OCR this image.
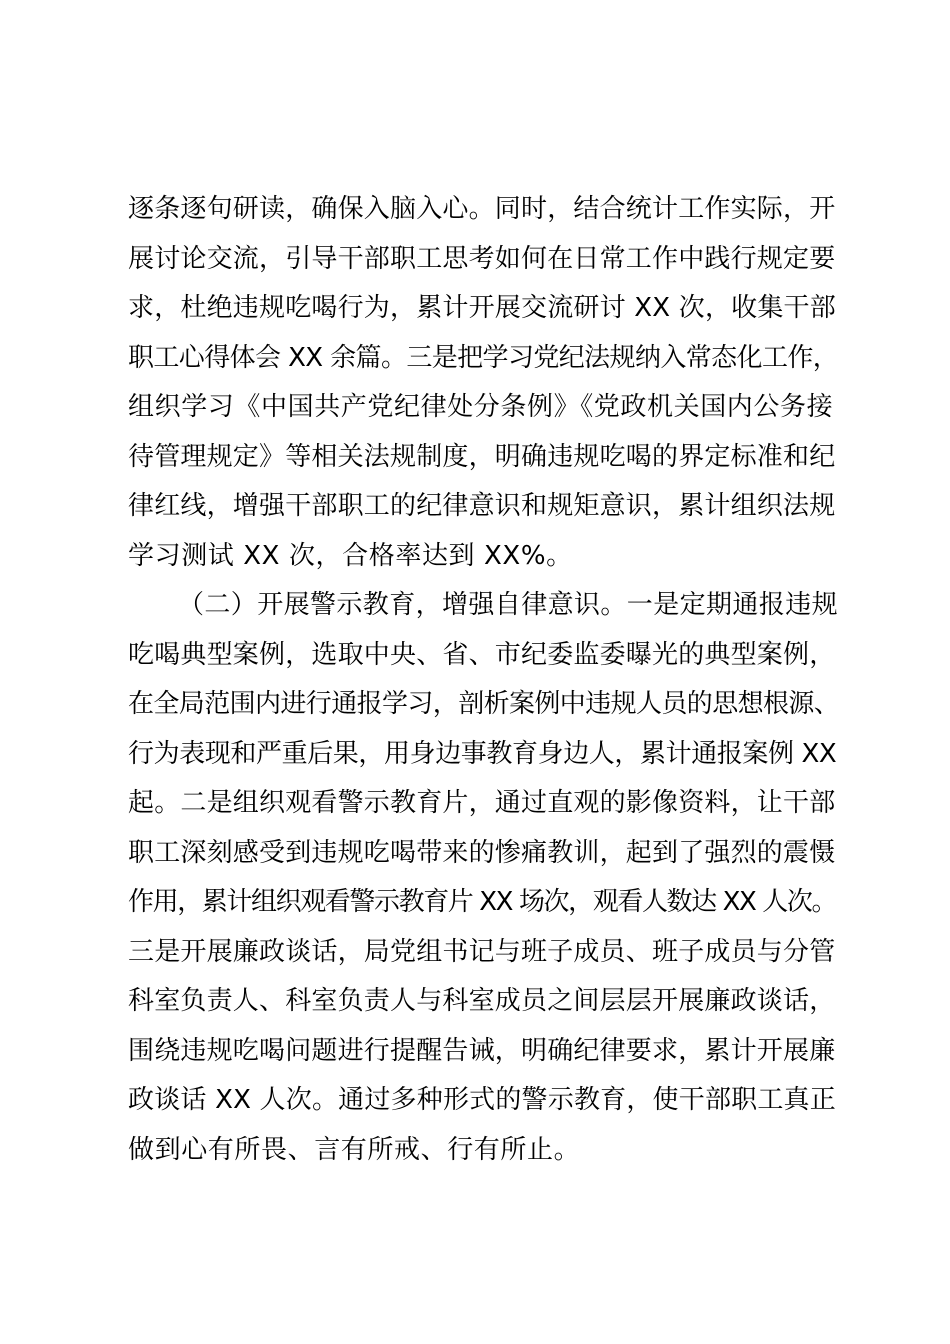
逐条逐句研读，确保入脑入心。同时，结合统计工作实际，开
展讨论交流，引导干部职工思考如何在日常工作中践行规定要
求，杜绝违规吃喝行为，累计开展交流研讨 XX 次，收集干部
职工心得体会 XX 余篇。三是把学习党纪法规纳入常态化工作，
组织学习《中国共产党纪律处分条例》《党政机关国内公务接
待管理规定》等相关法规制度，明确违规吃喝的界定标准和纪
律红线，增强干部职工的纪律意识和规矩意识，累计组织法规
学习测试 XX 次，合格率达到 XX%。
（二）开展警示教育，增强自律意识。一是定期通报违规
吃喝典型案例，选取中央、省、市纪委监委曝光的典型案例，
在全局范围内进行通报学习，剖析案例中违规人员的思想根源、
行为表现和严重后果，用身边事教育身边人，累计通报案例 XX
起。二是组织观看警示教育片，通过直观的影像资料，让干部
职工深刻感受到违规吃喝带来的惨痛教训，起到了强烈的震慑
作用，累计组织观看警示教育片 XX 场次，观看人数达 XX 人次。
三是开展廉政谈话，局党组书记与班子成员、班子成员与分管
科室负责人、科室负责人与科室成员之间层层开展廉政谈话，
围绕违规吃喝问题进行提醒告诫，明确纪律要求，累计开展廉
政谈话 XX 人次。通过多种形式的警示教育，使干部职工真正
做到心有所畏、言有所戒、行有所止。
